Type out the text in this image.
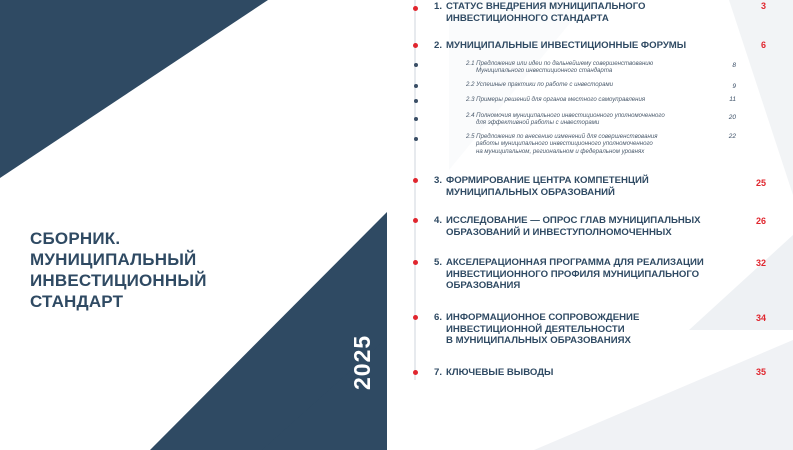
СБОРНИК.
МУНИЦИПАЛЬНЫЙ
ИНВЕСТИЦИОННЫЙ
СТАНДАРТ
2025
1. СТАТУС ВНЕДРЕНИЯ МУНИЦИПАЛЬНОГО
ИНВЕСТИЦИОННОГО СТАНДАРТА
3
2. МУНИЦИПАЛЬНЫЕ ИНВЕСТИЦИОННЫЕ ФОРУМЫ	6
2.1 Предложения или идеи по дальнейшему совершенствованию
Муниципального инвестиционного стандарта
8
2.2 Успешные практики по работе с инвесторами	9
2.3 Примеры решений для органов местного самоуправления	11
2.4 Полномочия муниципального инвестиционного уполномоченного
для эффективной работы с инвесторами
20
2.5 Предложения по внесению изменений для совершенствования
работы муниципального инвестиционного уполномоченного
на муниципальном, региональном и федеральном уровнях
22
3. ФОРМИРОВАНИЕ ЦЕНТРА КОМПЕТЕНЦИЙ
МУНИЦИПАЛЬНЫХ ОБРАЗОВАНИЙ
25
4. ИССЛЕДОВАНИЕ — ОПРОС ГЛАВ МУНИЦИПАЛЬНЫХ
ОБРАЗОВАНИЙ И ИНВЕСТУПОЛНОМОЧЕННЫХ
26
5. АКСЕЛЕРАЦИОННАЯ ПРОГРАММА ДЛЯ РЕАЛИЗАЦИИ
ИНВЕСТИЦИОННОГО ПРОФИЛЯ МУНИЦИПАЛЬНОГО
ОБРАЗОВАНИЯ
32
6. ИНФОРМАЦИОННОЕ СОПРОВОЖДЕНИЕ
ИНВЕСТИЦИОННОЙ ДЕЯТЕЛЬНОСТИ
В МУНИЦИПАЛЬНЫХ ОБРАЗОВАНИЯХ
34
7. КЛЮЧЕВЫЕ ВЫВОДЫ	35
